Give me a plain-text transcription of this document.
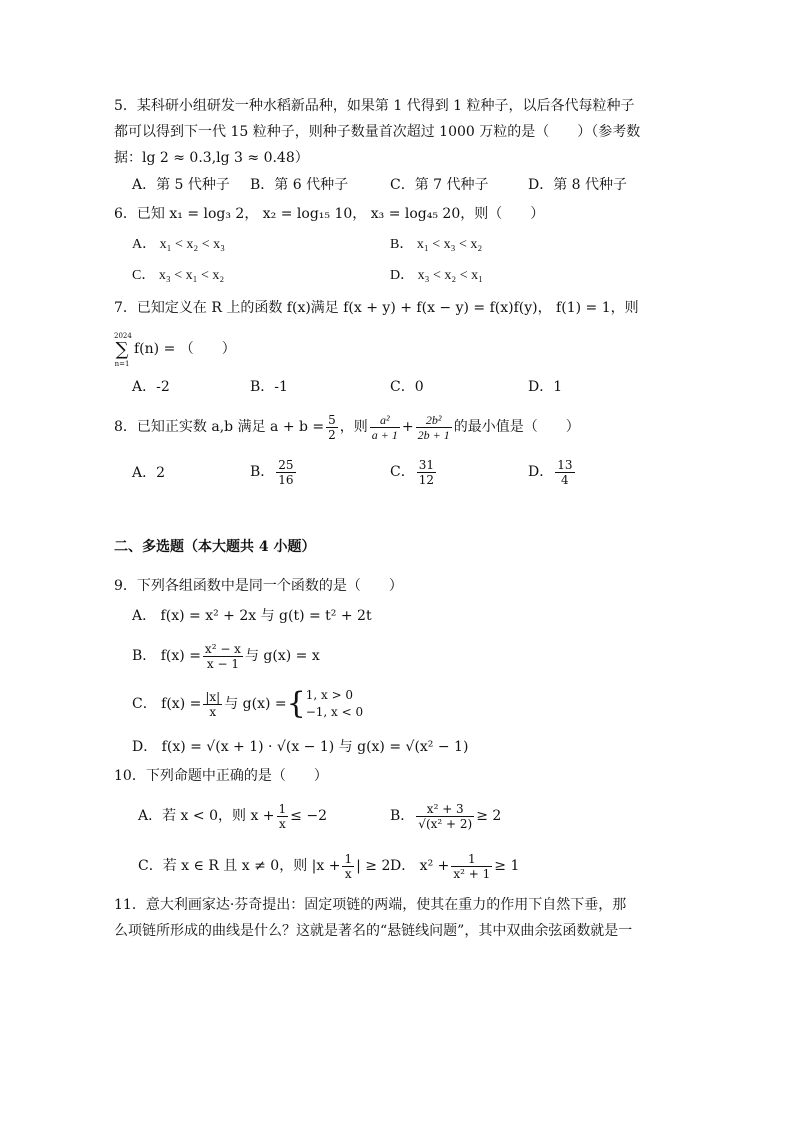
5．某科研小组研发一种水稻新品种，如果第 1 代得到 1 粒种子，以后各代每粒种子
都可以得到下一代 15 粒种子，则种子数量首次超过 1000 万粒的是（　　）（参考数
据：lg 2 ≈ 0.3,lg 3 ≈ 0.48）
A．第 5 代种子 B．第 6 代种子	C．第 7 代种子	D．第 8 代种子
6．已知 x₁ = log₃ 2， x₂ = log₁₅ 10， x₃ = log₄₅ 20，则（　　）
A． x₁ < x₂ < x₃	B． x₁ < x₃ < x₂
C． x₃ < x₁ < x₂	D． x₃ < x₂ < x₁
7．已知定义在 R 上的函数 f(x)满足 f(x + y) + f(x − y) = f(x)f(y)， f(1) = 1，则
2024
∑
n=1
f(n) = （　　）
A．-2	B．-1	C．0	D．1
8．已知正实数 a,b 满足 $a + b = \frac{5}{2}$ ，则 $\frac{\text{a²}}{a + 1} + \frac{\text{2b²}}{2b + 1}$ 的最小值是（　　）
A．2	B． $\frac{25}{16}$	C． $\frac{31}{12}$	D． $\frac{13}{4}$
二、多选题（本大题共 4 小题）
9．下列各组函数中是同一个函数的是（　　）
A． f(x) = x² + 2x 与 g(t) = t² + 2t
B． $f(x) = \frac{\text{x² − x}}{x - 1}$ 与 g(x) = x
C． $f(x) = \frac{|x|}{x}$ 与 g(x) ={ 1, x > 0
−1, x < 0
D． f(x) = √(x + 1) · √(x − 1) 与 g(x) = √(x² − 1)
10．下列命题中正确的是（　　）
A．若 x < 0，则 $x + \frac{1}{x} \le -2$	B． $\frac{\text{x² + 3}}{\text{√(x² + 2)}} \ge 2$
C．若 x ∈ R 且 x ≠ 0，则 $|x + \frac{1}{x}$ | ≥ 2 D． $x^2 + \frac{1}{\text{x² + 1}} \ge 1$
11．意大利画家达·芬奇提出：固定项链的两端，使其在重力的作用下自然下垂，那
么项链所形成的曲线是什么？这就是著名的“悬链线问题”，其中双曲余弦函数就是一
